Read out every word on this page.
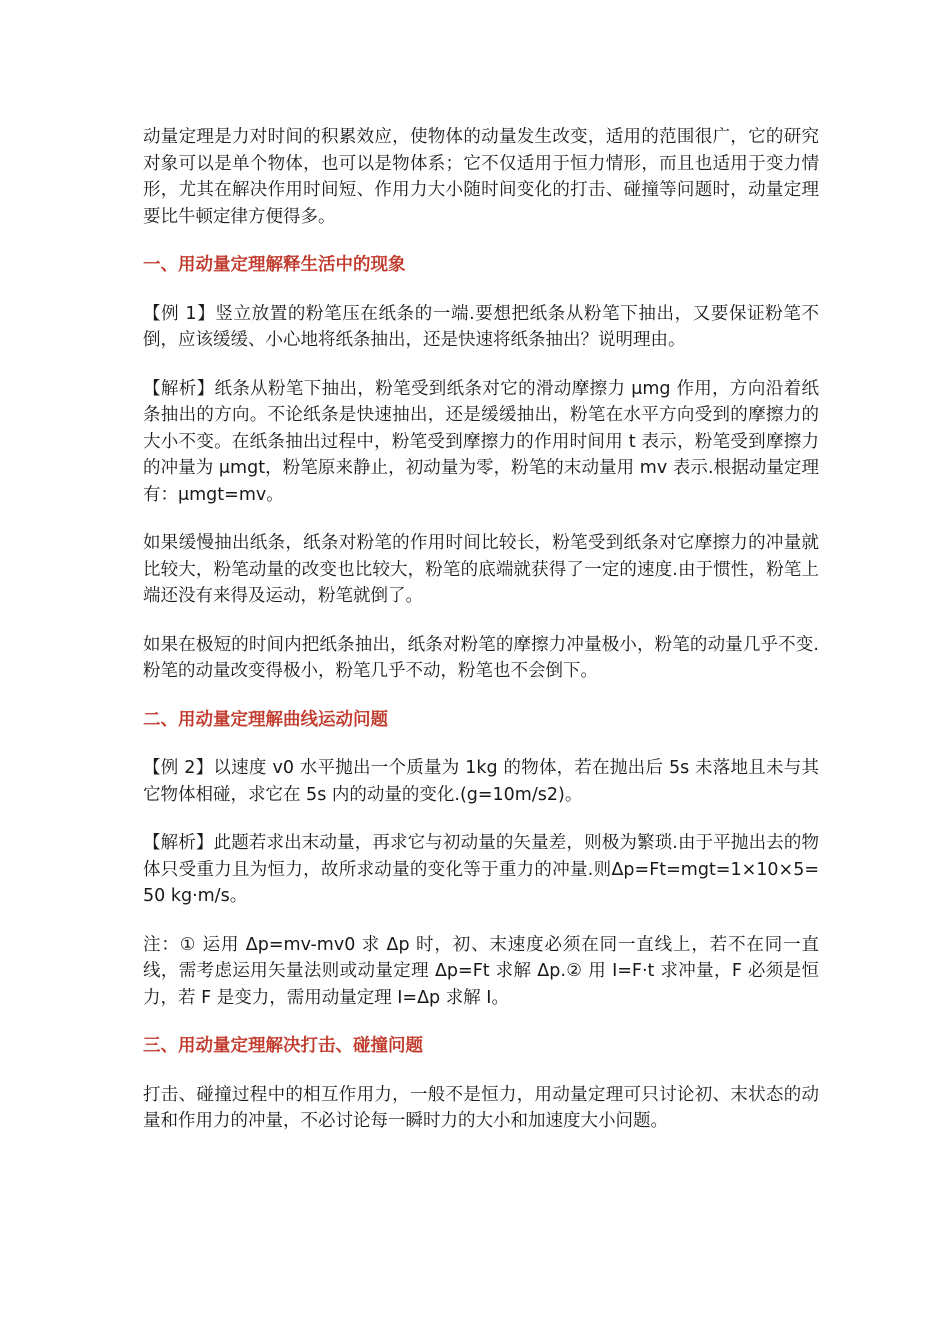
动量定理是力对时间的积累效应，使物体的动量发生改变，适用的范围很广，它的研究对象可以是单个物体，也可以是物体系；它不仅适用于恒力情形，而且也适用于变力情形，尤其在解决作用时间短、作用力大小随时间变化的打击、碰撞等问题时，动量定理要比牛顿定律方便得多。

一、用动量定理解释生活中的现象

【例 1】竖立放置的粉笔压在纸条的一端.要想把纸条从粉笔下抽出，又要保证粉笔不倒，应该缓缓、小心地将纸条抽出，还是快速将纸条抽出？说明理由。

【解析】纸条从粉笔下抽出，粉笔受到纸条对它的滑动摩擦力 μmg 作用，方向沿着纸条抽出的方向。不论纸条是快速抽出，还是缓缓抽出，粉笔在水平方向受到的摩擦力的大小不变。在纸条抽出过程中，粉笔受到摩擦力的作用时间用 t 表示，粉笔受到摩擦力的冲量为 μmgt，粉笔原来静止，初动量为零，粉笔的末动量用 mv 表示.根据动量定理有：μmgt=mv。

如果缓慢抽出纸条，纸条对粉笔的作用时间比较长，粉笔受到纸条对它摩擦力的冲量就比较大，粉笔动量的改变也比较大，粉笔的底端就获得了一定的速度.由于惯性，粉笔上端还没有来得及运动，粉笔就倒了。

如果在极短的时间内把纸条抽出，纸条对粉笔的摩擦力冲量极小，粉笔的动量几乎不变.粉笔的动量改变得极小，粉笔几乎不动，粉笔也不会倒下。

二、用动量定理解曲线运动问题

【例 2】以速度 v0 水平抛出一个质量为 1kg 的物体，若在抛出后 5s 未落地且未与其它物体相碰，求它在 5s 内的动量的变化.(g=10m/s2)。

【解析】此题若求出末动量，再求它与初动量的矢量差，则极为繁琐.由于平抛出去的物体只受重力且为恒力，故所求动量的变化等于重力的冲量.则Δp=Ft=mgt=1×10×5=50 kg·m/s。

注：① 运用 Δp=mv-mv0 求 Δp 时，初、末速度必须在同一直线上，若不在同一直线，需考虑运用矢量法则或动量定理 Δp=Ft 求解 Δp.② 用 I=F·t 求冲量，F 必须是恒力，若 F 是变力，需用动量定理 I=Δp 求解 I。

三、用动量定理解决打击、碰撞问题

打击、碰撞过程中的相互作用力，一般不是恒力，用动量定理可只讨论初、末状态的动量和作用力的冲量，不必讨论每一瞬时力的大小和加速度大小问题。
